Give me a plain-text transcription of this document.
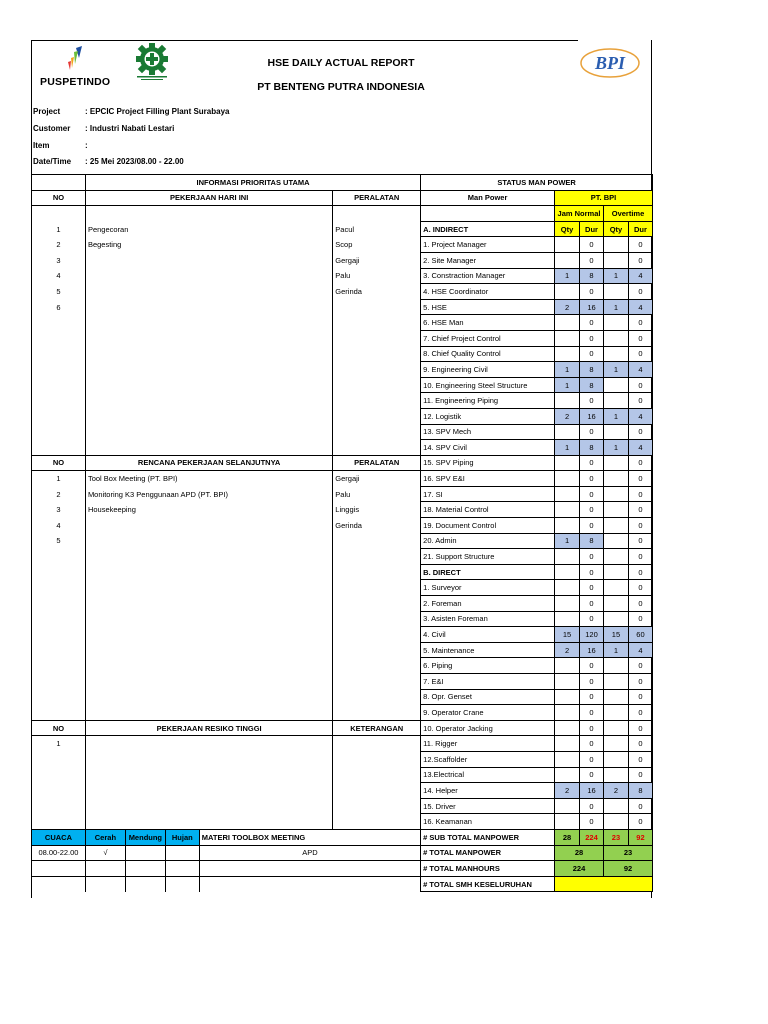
PUSPETINDO
HSE DAILY ACTUAL REPORT
PT BENTENG PUTRA INDONESIA
BPI
Project	: EPCIC Project Filling Plant Surabaya
Customer : Industri Nabati Lestari
Item	:
Date/Time : 25 Mei 2023/08.00 - 22.00
	INFORMASI PRIORITAS UTAMA					STATUS MAN POWER				
NO	PEKERJAAN HARI INI				PERALATAN	Man Power	PT. BPI			
							Jam Normal		Overtime	
1	Pengecoran				Pacul	A. INDIRECT	Qty	Dur	Qty	Dur
2	Begesting				Scop	1. Project Manager		0		0
3					Gergaji	2. Site Manager		0		0
4					Palu	3. Constraction Manager	1	8	1	4
5					Gerinda	4. HSE Coordinator		0		0
6						5. HSE	2	16	1	4
						6. HSE Man		0		0
						7. Chief Project Control		0		0
						8. Chief Quality Control		0		0
						9. Engineering Civil	1	8	1	4
						10. Engineering Steel Structure	1	8		0
						11. Engineering Piping		0		0
						12. Logistik	2	16	1	4
						13. SPV Mech		0		0
						14. SPV Civil	1	8	1	4
NO	RENCANA PEKERJAAN SELANJUTNYA				PERALATAN	15. SPV Piping		0		0
1	Tool Box Meeting (PT. BPI)				Gergaji	16. SPV E&I		0		0
2	Monitoring K3 Penggunaan APD (PT. BPI)				Palu	17. SI		0		0
3	Housekeeping				Linggis	18. Material Control		0		0
4					Gerinda	19. Document Control		0		0
5						20. Admin	1	8		0
						21. Support Structure		0		0
						B. DIRECT		0		0
						1. Surveyor		0		0
						2. Foreman		0		0
						3. Asisten Foreman		0		0
						4. Civil	15	120	15	60
						5. Maintenance	2	16	1	4
						6. Piping		0		0
						7. E&I		0		0
						8. Opr. Genset		0		0
						9. Operator Crane		0		0
NO	PEKERJAAN RESIKO TINGGI				KETERANGAN	10. Operator Jacking		0		0
1						11. Rigger		0		0
						12.Scaffolder		0		0
						13.Electrical		0		0
						14. Helper	2	16	2	8
						15. Driver		0		0
						16. Keamanan		0		0
CUACA	Cerah	Mendung	Hujan	MATERI TOOLBOX MEETING		# SUB TOTAL MANPOWER	28	224	23	92
08.00-22.00	√			APD		# TOTAL MANPOWER	28		23	
						# TOTAL MANHOURS	224		92	
						# TOTAL SMH KESELURUHAN				
